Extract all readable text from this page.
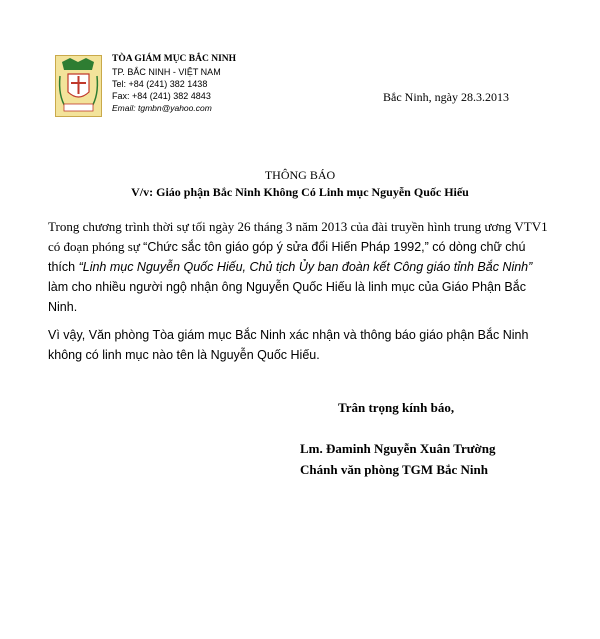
TÒA GIÁM MỤC BẮC NINH
TP. BẮC NINH - VIỆT NAM
Tel: +84 (241) 382 1438
Fax: +84 (241) 382 4843
Email: tgmbn@yahoo.com
Bắc Ninh, ngày 28.3.2013
THÔNG BÁO
V/v: Giáo phận Bắc Ninh Không Có Linh mục Nguyễn Quốc Hiếu

Trong chương trình thời sự tối ngày 26 tháng 3 năm 2013 của đài truyền hình trung ương VTV1 có đoạn phóng sự “Chức sắc tôn giáo góp ý sửa đổi Hiến Pháp 1992,” có dòng chữ chú thích “Linh mục Nguyễn Quốc Hiếu, Chủ tịch Ủy ban đoàn kết Công giáo tỉnh Bắc Ninh” làm cho nhiều người ngộ nhận ông Nguyễn Quốc Hiếu là linh mục của Giáo Phận Bắc Ninh.

Vì vậy, Văn phòng Tòa giám mục Bắc Ninh xác nhận và thông báo giáo phận Bắc Ninh không có linh mục nào tên là Nguyễn Quốc Hiếu.

Trân trọng kính báo,
Lm. Đaminh Nguyễn Xuân Trường
Chánh văn phòng TGM Bắc Ninh
